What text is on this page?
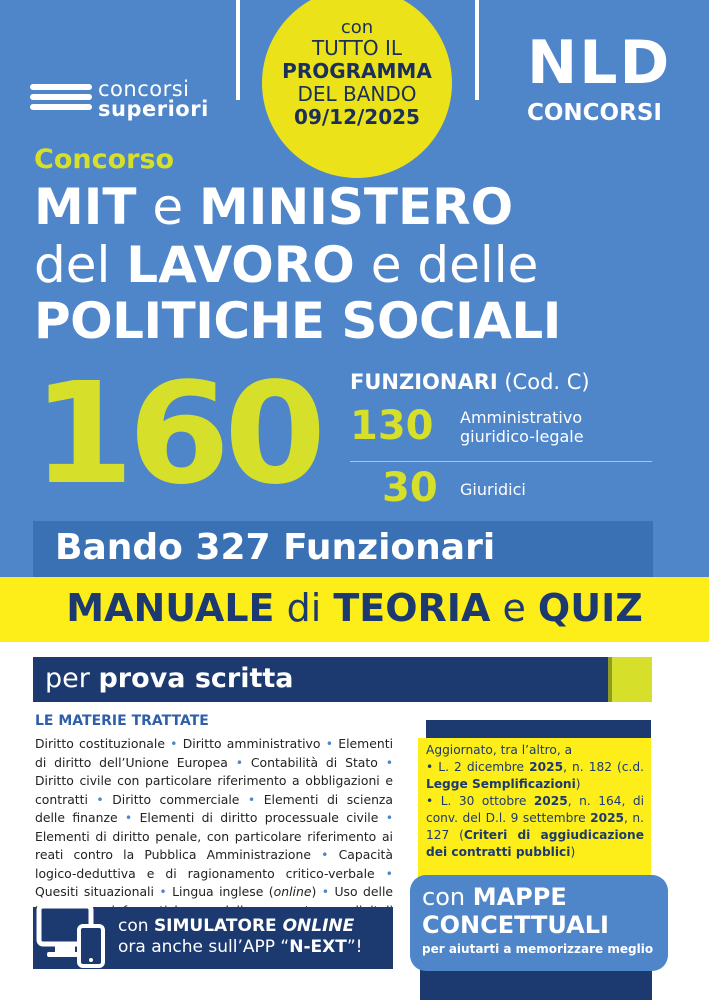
con
TUTTO IL
PROGRAMMA
DEL BANDO
09/12/2025
concorsi
superiori
NLD
CONCORSI
Concorso
MIT e MINISTERO
del LAVORO e delle
POLITICHE SOCIALI
160 FUNZIONARI (Cod. C)
130 Amministrativo
giuridico-legale
30 Giuridici
Bando 327 Funzionari
MANUALE di TEORIA e QUIZ
per prova scritta
LE MATERIE TRATTATE
Diritto costituzionale • Diritto amministrativo • Elementi di diritto dell’Unione Europea • Contabilità di Stato • Diritto civile con particolare riferimento a obbligazioni e contratti • Diritto commerciale • Elementi di scienza delle finanze • Elementi di diritto processuale civile • Elementi di diritto penale, con particolare riferimento ai reati contro la Pubblica Amministrazione • Capacità logico-deduttiva e di ragionamento critico-verbale • Quesiti situazionali • Lingua inglese (online) • Uso delle
Aggiornato, tra l’altro, a
• L. 2 dicembre 2025, n. 182 (c.d. Legge Semplificazioni)
• L. 30 ottobre 2025, n. 164, di conv. del D.l. 9 settembre 2025, n. 127 (Criteri di aggiudicazione dei contratti pubblici)
con MAPPE
CONCETTUALI
per aiutarti a memorizzare meglio
con SIMULATORE ONLINE
ora anche sull’APP “N-EXT”!
